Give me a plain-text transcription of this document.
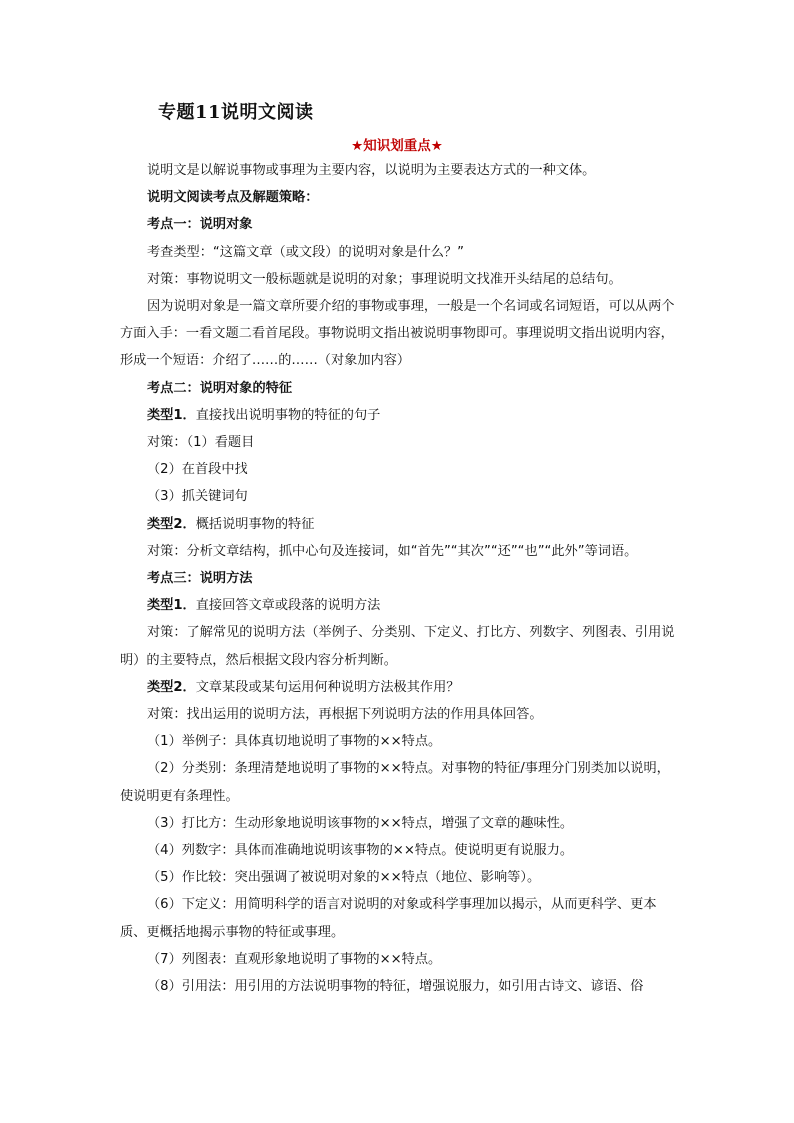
专题11说明文阅读
★知识划重点★

说明文是以解说事物或事理为主要内容，以说明为主要表达方式的一种文体。

说明文阅读考点及解题策略：

考点一：说明对象

考查类型：“这篇文章（或文段）的说明对象是什么？”

对策：事物说明文一般标题就是说明的对象；事理说明文找准开头结尾的总结句。

因为说明对象是一篇文章所要介绍的事物或事理，一般是一个名词或名词短语，可以从两个方面入手：一看文题二看首尾段。事物说明文指出被说明事物即可。事理说明文指出说明内容，形成一个短语：介绍了……的……（对象加内容）

考点二：说明对象的特征

类型1．直接找出说明事物的特征的句子

对策：（1）看题目

（2）在首段中找

（3）抓关键词句

类型2．概括说明事物的特征

对策：分析文章结构，抓中心句及连接词，如“首先”“其次”“还”“也”“此外”等词语。

考点三：说明方法

类型1．直接回答文章或段落的说明方法

对策：了解常见的说明方法（举例子、分类别、下定义、打比方、列数字、列图表、引用说明）的主要特点，然后根据文段内容分析判断。

类型2．文章某段或某句运用何种说明方法极其作用？

对策：找出运用的说明方法，再根据下列说明方法的作用具体回答。

（1）举例子：具体真切地说明了事物的××特点。

（2）分类别：条理清楚地说明了事物的××特点。对事物的特征/事理分门别类加以说明，使说明更有条理性。

（3）打比方：生动形象地说明该事物的××特点，增强了文章的趣味性。

（4）列数字：具体而准确地说明该事物的××特点。使说明更有说服力。

（5）作比较：突出强调了被说明对象的××特点（地位、影响等）。

（6）下定义：用简明科学的语言对说明的对象或科学事理加以揭示，从而更科学、更本质、更概括地揭示事物的特征或事理。

（7）列图表：直观形象地说明了事物的××特点。

（8）引用法：用引用的方法说明事物的特征，增强说服力，如引用古诗文、谚语、俗
